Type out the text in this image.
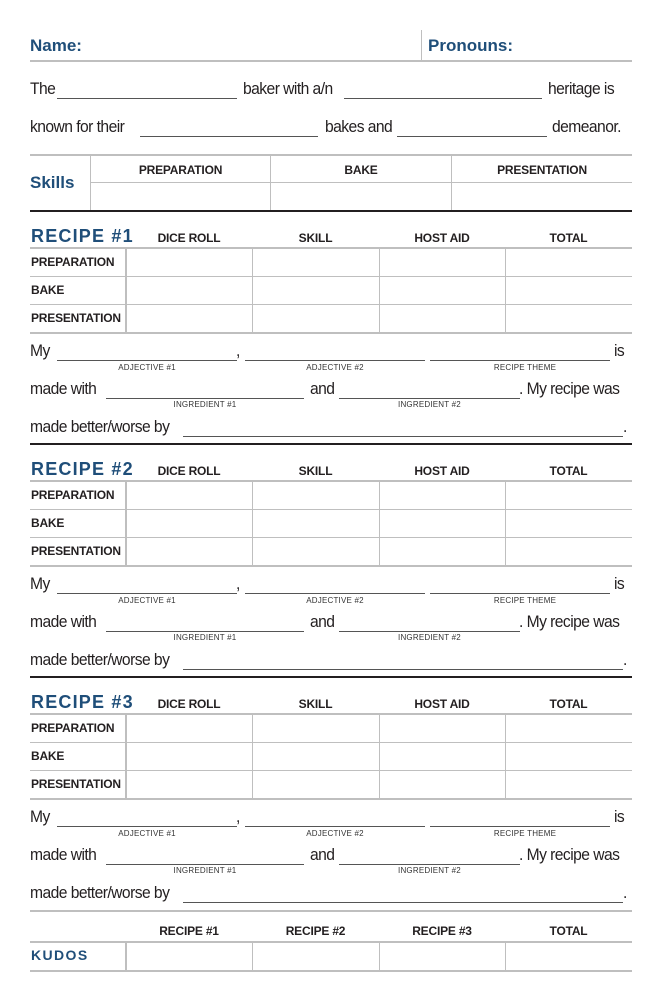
Name:	Pronouns:
The	baker with a/n	heritage is
known for their	bakes and	demeanor.
Skills
PREPARATION	BAKE	PRESENTATION
RECIPE #1	DICE ROLL	SKILL	HOST AID	TOTAL
PREPARATION
BAKE
PRESENTATION
My
ADJECTIVE #1
,
ADJECTIVE #2	RECIPE THEME
is
made with
INGREDIENT #1
and
INGREDIENT #2
. My recipe was
made better/worse by	.
RECIPE #2	DICE ROLL	SKILL	HOST AID	TOTAL
PREPARATION
BAKE
PRESENTATION
My
ADJECTIVE #1
,
ADJECTIVE #2	RECIPE THEME
is
made with
INGREDIENT #1
and
INGREDIENT #2
. My recipe was
made better/worse by	.
RECIPE #3	DICE ROLL	SKILL	HOST AID	TOTAL
PREPARATION
BAKE
PRESENTATION
My
ADJECTIVE #1
,
ADJECTIVE #2	RECIPE THEME
is
made with
INGREDIENT #1
and
INGREDIENT #2
. My recipe was
made better/worse by	.
RECIPE #1	RECIPE #2	RECIPE #3	TOTAL
KUDOS
